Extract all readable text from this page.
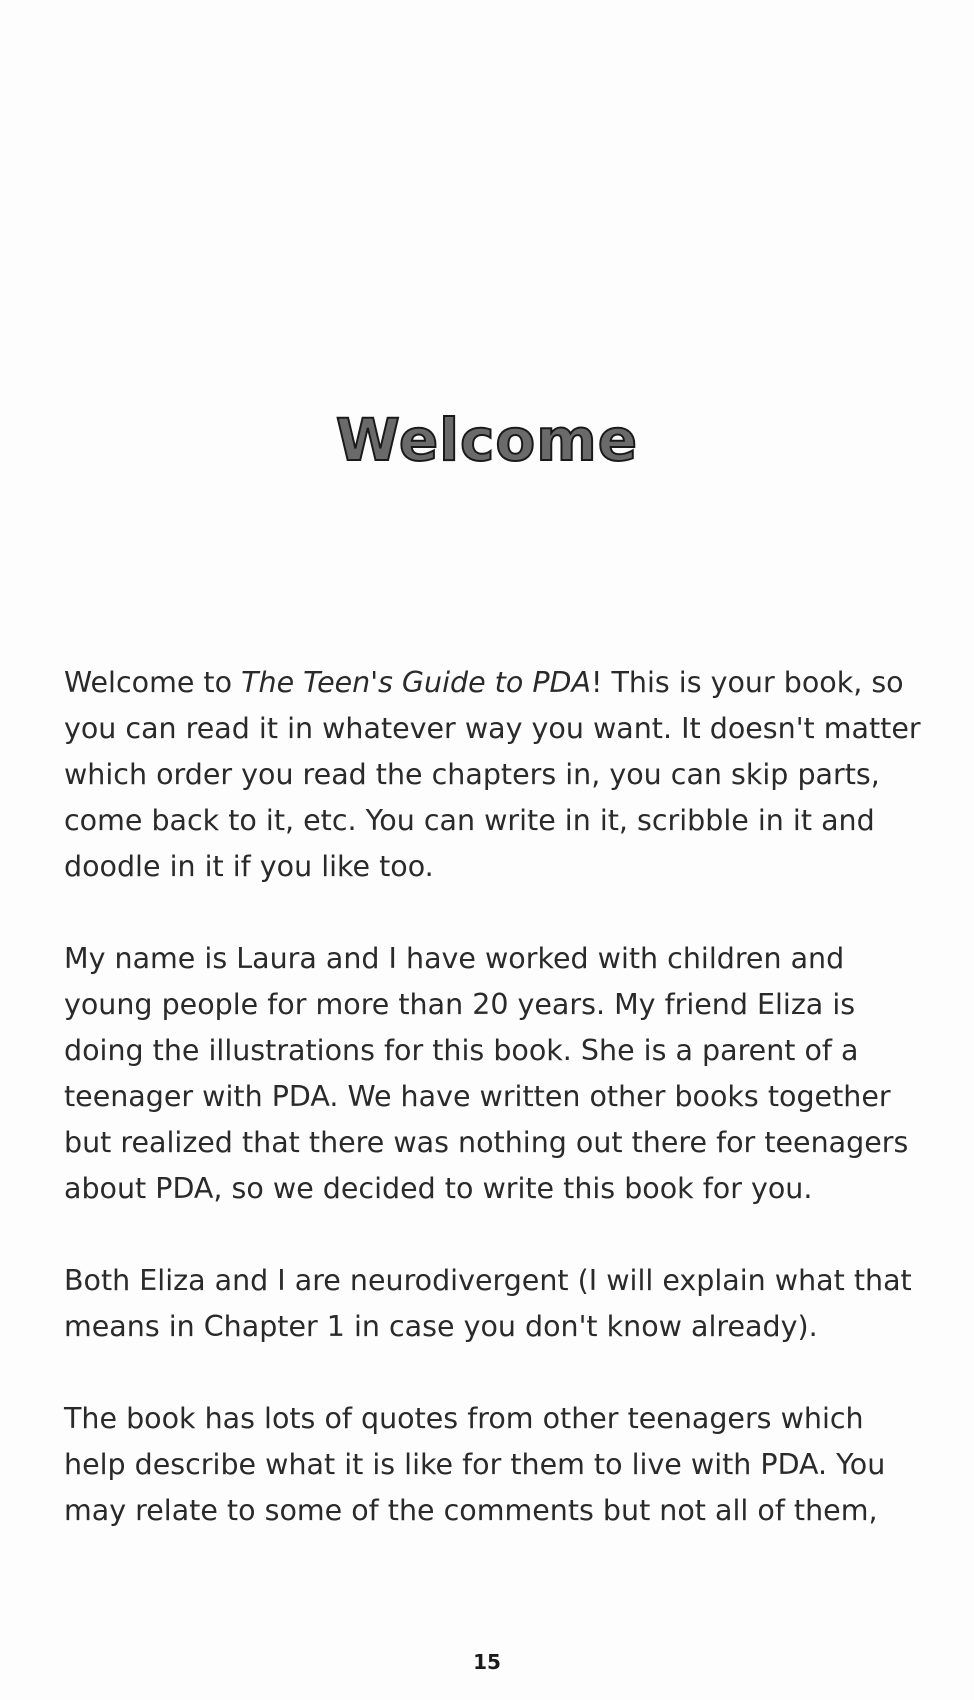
Welcome

Welcome to The Teen's Guide to PDA! This is your book, so
you can read it in whatever way you want. It doesn't matter
which order you read the chapters in, you can skip parts,
come back to it, etc. You can write in it, scribble in it and
doodle in it if you like too.

My name is Laura and I have worked with children and
young people for more than 20 years. My friend Eliza is
doing the illustrations for this book. She is a parent of a
teenager with PDA. We have written other books together
but realized that there was nothing out there for teenagers
about PDA, so we decided to write this book for you.

Both Eliza and I are neurodivergent (I will explain what that
means in Chapter 1 in case you don't know already).

The book has lots of quotes from other teenagers which
help describe what it is like for them to live with PDA. You
may relate to some of the comments but not all of them,

15
